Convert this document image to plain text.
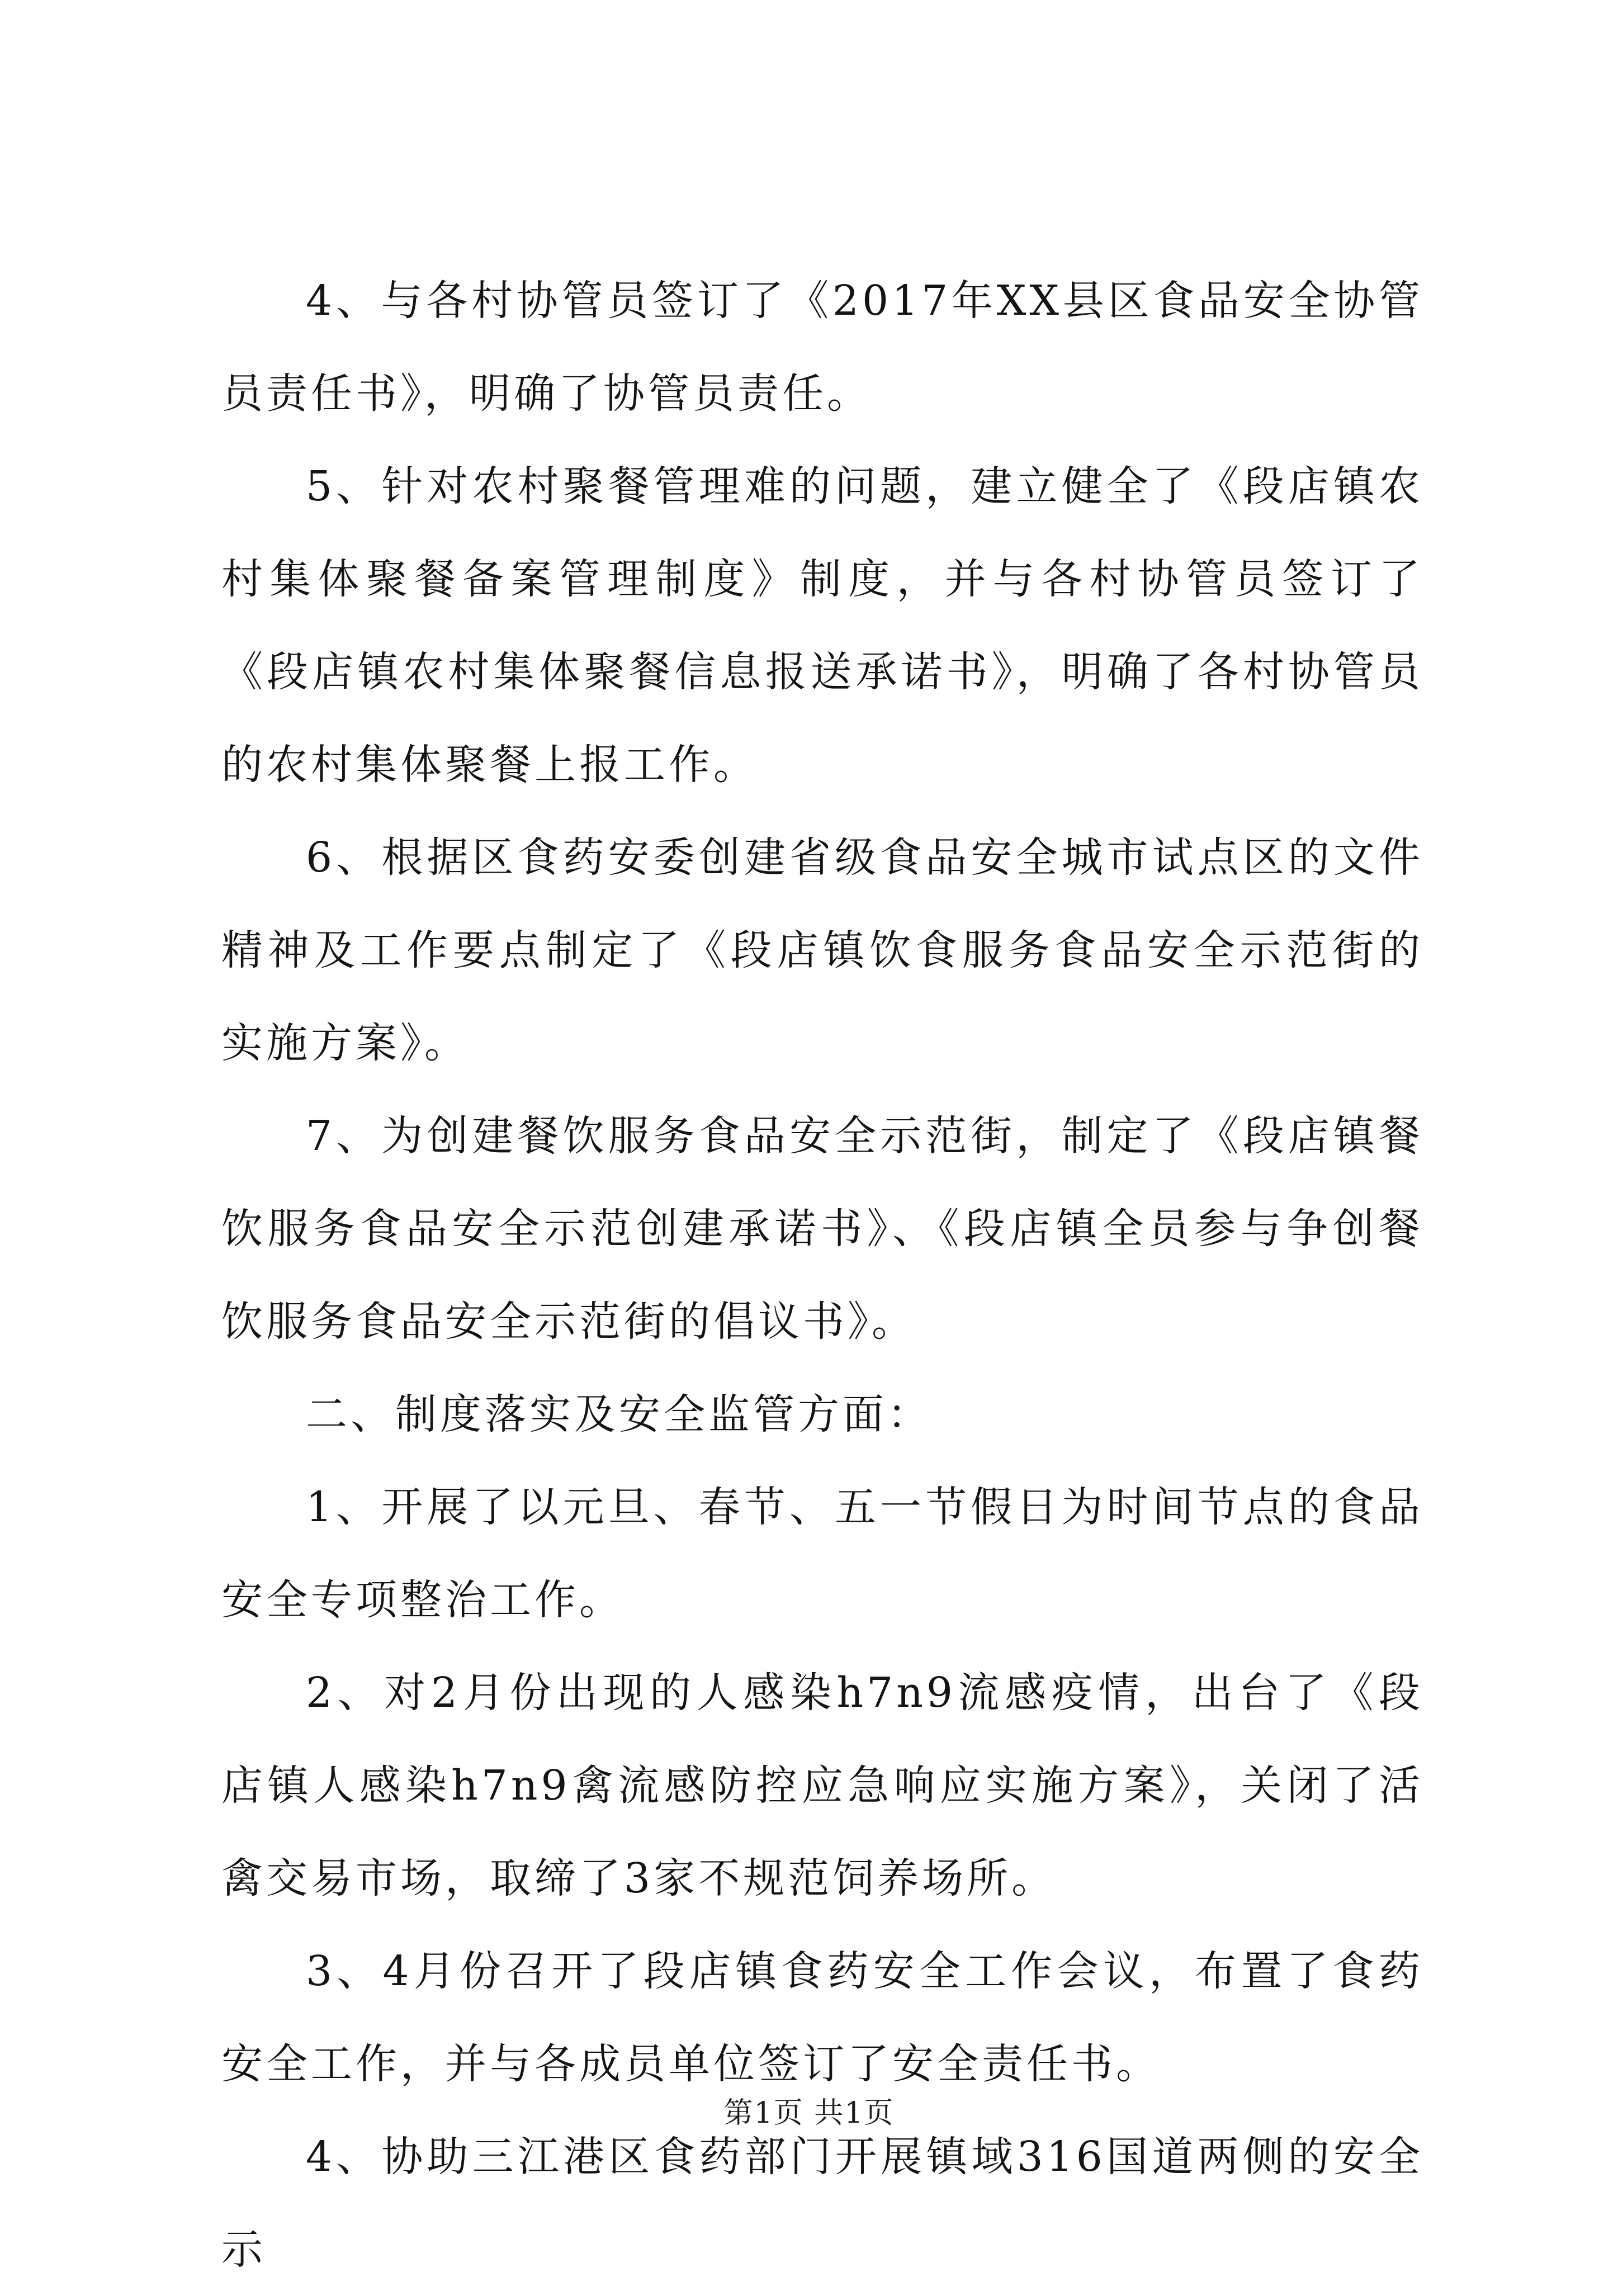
4、与各村协管员签订了《2017年XX县区食品安全协管员责任书》，明确了协管员责任。

5、针对农村聚餐管理难的问题，建立健全了《段店镇农村集体聚餐备案管理制度》制度，并与各村协管员签订了《段店镇农村集体聚餐信息报送承诺书》，明确了各村协管员的农村集体聚餐上报工作。

6、根据区食药安委创建省级食品安全城市试点区的文件精神及工作要点制定了《段店镇饮食服务食品安全示范街的实施方案》。

7、为创建餐饮服务食品安全示范街，制定了《段店镇餐饮服务食品安全示范创建承诺书》、《段店镇全员参与争创餐饮服务食品安全示范街的倡议书》。

二、制度落实及安全监管方面：

1、开展了以元旦、春节、五一节假日为时间节点的食品安全专项整治工作。

2、对2月份出现的人感染h7n9流感疫情，出台了《段店镇人感染h7n9禽流感防控应急响应实施方案》，关闭了活禽交易市场，取缔了3家不规范饲养场所。

3、4月份召开了段店镇食药安全工作会议，布置了食药安全工作，并与各成员单位签订了安全责任书。

4、协助三江港区食药部门开展镇域316国道两侧的安全示

第1页 共1页
